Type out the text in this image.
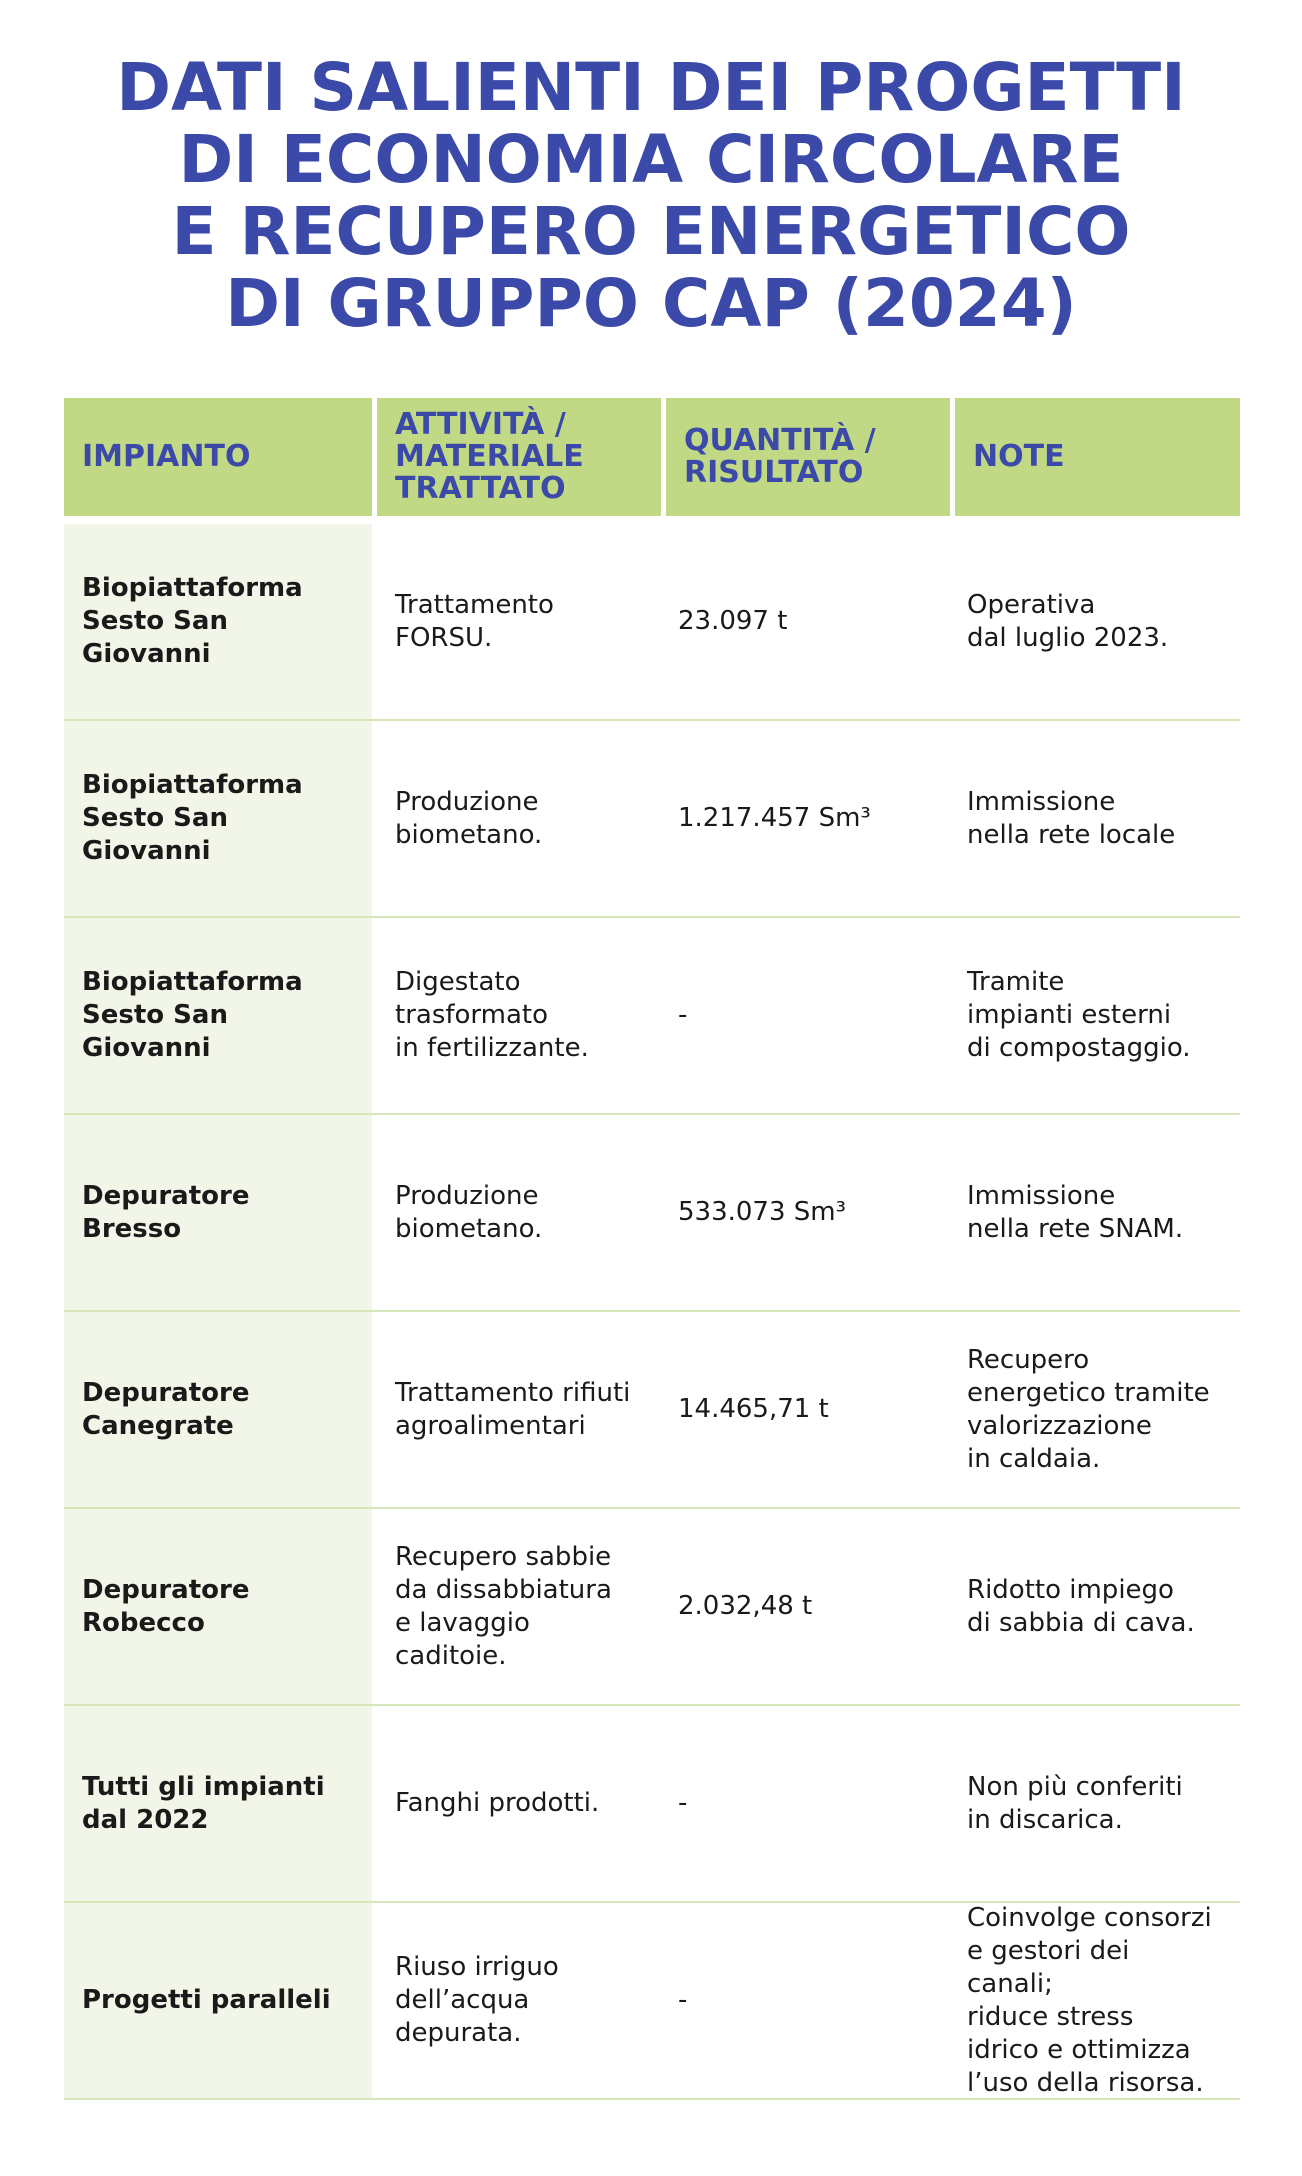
DATI SALIENTI DEI PROGETTI
DI ECONOMIA CIRCOLARE
E RECUPERO ENERGETICO
DI GRUPPO CAP (2024)
IMPIANTO
ATTIVITÀ /
MATERIALE
TRATTATO
QUANTITÀ /
RISULTATO	NOTE
Biopiattaforma
Sesto San Giovanni
Trattamento
FORSU.
23.097 t
Operativa
dal luglio 2023.
Biopiattaforma
Sesto San Giovanni
Produzione
biometano.
1.217.457 Sm³
Immissione
nella rete locale
Biopiattaforma
Sesto San Giovanni
Digestato
trasformato
in fertilizzante.
-
Tramite
impianti esterni
di compostaggio.
Depuratore
Bresso
Produzione
biometano.
533.073 Sm³
Immissione
nella rete SNAM.
Depuratore
Canegrate
Trattamento rifiuti
agroalimentari
14.465,71 t
Recupero
energetico tramite
valorizzazione
in caldaia.
Depuratore
Robecco
Recupero sabbie
da dissabbiatura
e lavaggio caditoie.
2.032,48 t
Ridotto impiego
di sabbia di cava.
Tutti gli impianti
dal 2022
Fanghi prodotti.	-
Non più conferiti
in discarica.
Progetti paralleli
Riuso irriguo
dell’acqua
depurata.
-
Coinvolge consorzi
e gestori dei canali;
riduce stress
idrico e ottimizza
l’uso della risorsa.
